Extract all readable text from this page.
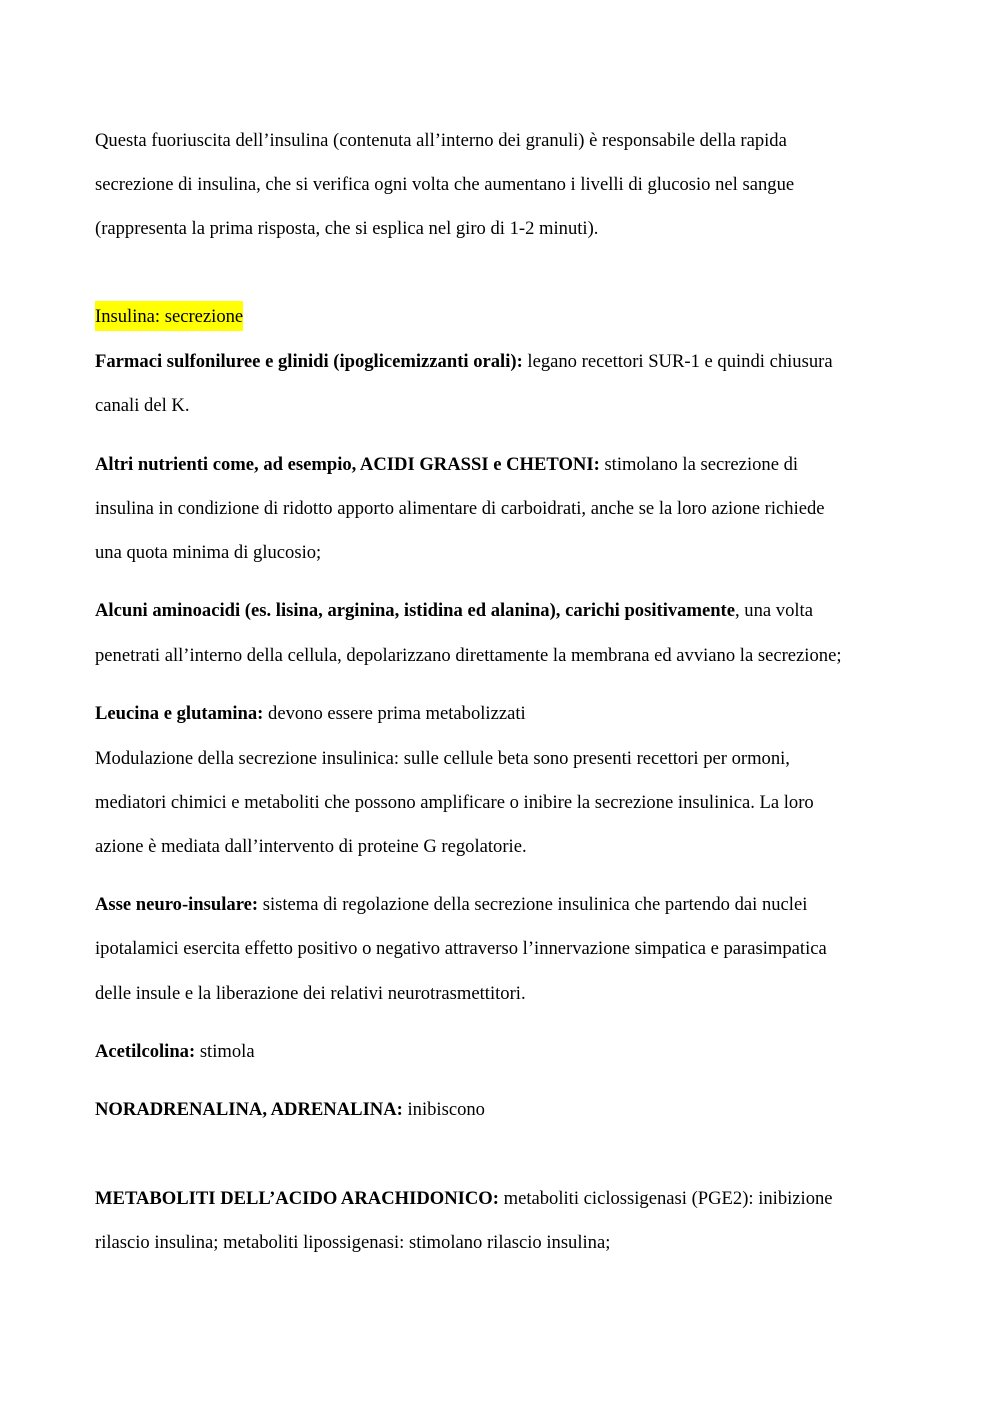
Questa fuoriuscita dell’insulina (contenuta all’interno dei granuli) è responsabile della rapida
secrezione di insulina, che si verifica ogni volta che aumentano i livelli di glucosio nel sangue
(rappresenta la prima risposta, che si esplica nel giro di 1-2 minuti).
Insulina: secrezione
Farmaci sulfoniluree e glinidi (ipoglicemizzanti orali): legano recettori SUR-1 e quindi chiusura
canali del K.
Altri nutrienti come, ad esempio, ACIDI GRASSI e CHETONI: stimolano la secrezione di
insulina in condizione di ridotto apporto alimentare di carboidrati, anche se la loro azione richiede
una quota minima di glucosio;
Alcuni aminoacidi (es. lisina, arginina, istidina ed alanina), carichi positivamente, una volta
penetrati all’interno della cellula, depolarizzano direttamente la membrana ed avviano la secrezione;
Leucina e glutamina: devono essere prima metabolizzati
Modulazione della secrezione insulinica: sulle cellule beta sono presenti recettori per ormoni,
mediatori chimici e metaboliti che possono amplificare o inibire la secrezione insulinica. La loro
azione è mediata dall’intervento di proteine G regolatorie.
Asse neuro-insulare: sistema di regolazione della secrezione insulinica che partendo dai nuclei
ipotalamici esercita effetto positivo o negativo attraverso l’innervazione simpatica e parasimpatica
delle insule e la liberazione dei relativi neurotrasmettitori.
Acetilcolina: stimola
NORADRENALINA, ADRENALINA: inibiscono
METABOLITI DELL’ACIDO ARACHIDONICO: metaboliti ciclossigenasi (PGE2): inibizione
rilascio insulina; metaboliti lipossigenasi: stimolano rilascio insulina;
